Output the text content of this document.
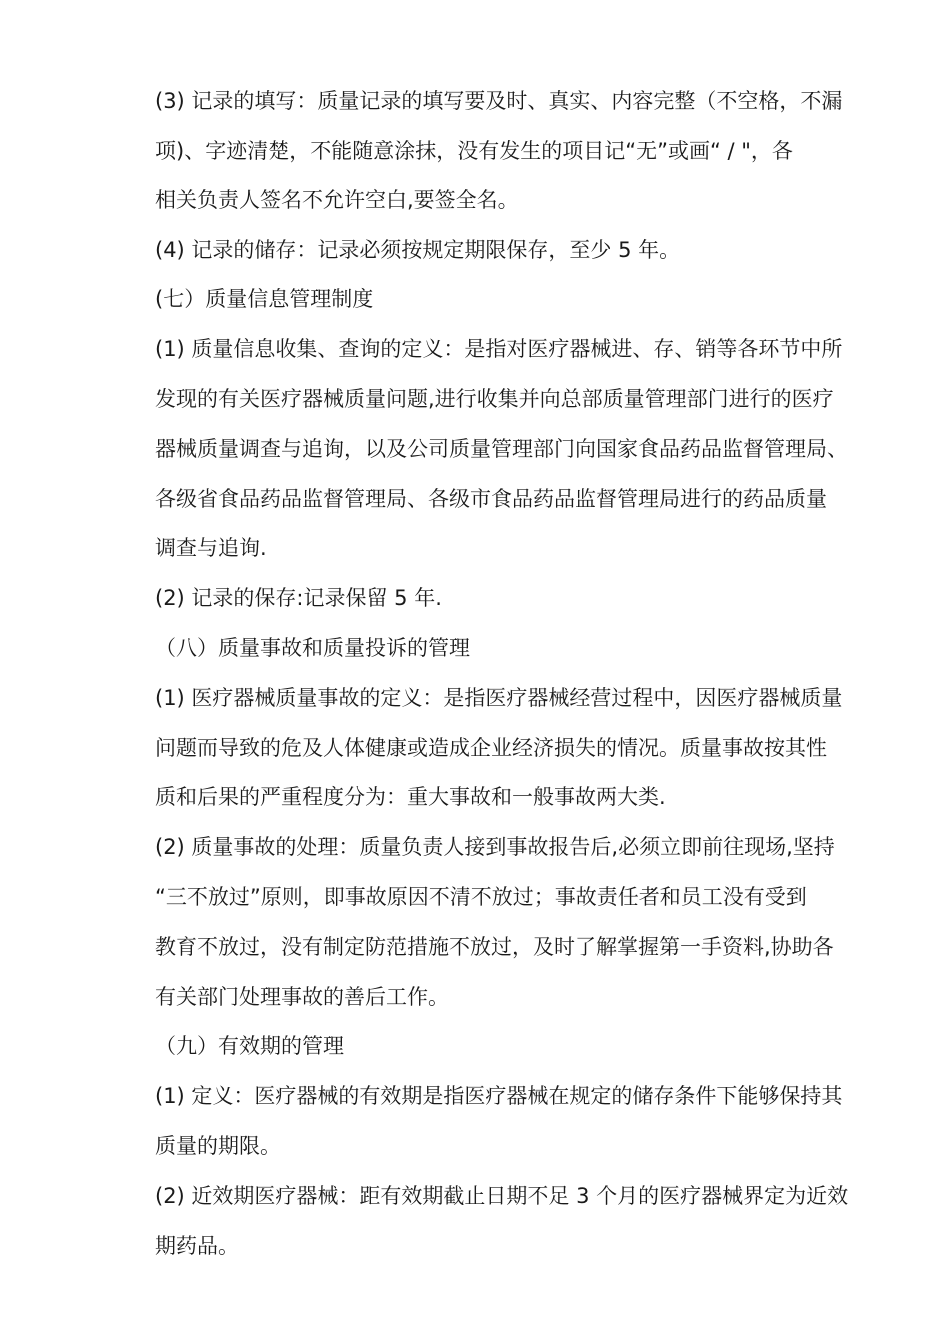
(3) 记录的填写：质量记录的填写要及时、真实、内容完整（不空格，不漏
项)、字迹清楚，不能随意涂抹，没有发生的项目记“无”或画“ / "，各
相关负责人签名不允许空白,要签全名。
(4) 记录的储存：记录必须按规定期限保存，至少 5 年。
(七）质量信息管理制度
(1) 质量信息收集、查询的定义：是指对医疗器械进、存、销等各环节中所
发现的有关医疗器械质量问题,进行收集并向总部质量管理部门进行的医疗
器械质量调查与追询，以及公司质量管理部门向国家食品药品监督管理局、
各级省食品药品监督管理局、各级市食品药品监督管理局进行的药品质量
调查与追询.
(2) 记录的保存:记录保留 5 年.
（八）质量事故和质量投诉的管理
(1) 医疗器械质量事故的定义：是指医疗器械经营过程中，因医疗器械质量
问题而导致的危及人体健康或造成企业经济损失的情况。质量事故按其性
质和后果的严重程度分为：重大事故和一般事故两大类.
(2) 质量事故的处理：质量负责人接到事故报告后,必须立即前往现场,坚持
“三不放过”原则，即事故原因不清不放过；事故责任者和员工没有受到
教育不放过，没有制定防范措施不放过，及时了解掌握第一手资料,协助各
有关部门处理事故的善后工作。
（九）有效期的管理
(1) 定义：医疗器械的有效期是指医疗器械在规定的储存条件下能够保持其
质量的期限。
(2) 近效期医疗器械：距有效期截止日期不足 3 个月的医疗器械界定为近效
期药品。
